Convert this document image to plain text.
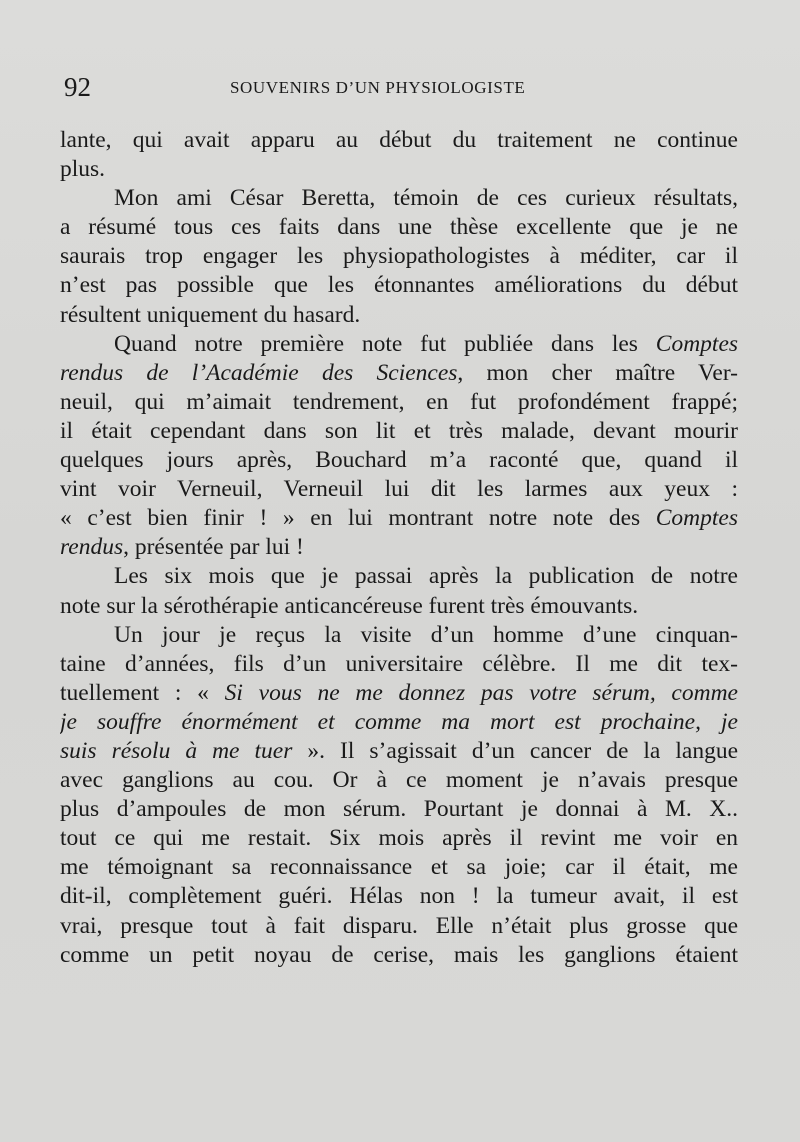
92	SOUVENIRS D’UN PHYSIOLOGISTE
lante, qui avait apparu au début du traitement ne continue
plus.
Mon ami César Beretta, témoin de ces curieux résultats,
a résumé tous ces faits dans une thèse excellente que je ne
saurais trop engager les physiopathologistes à méditer, car il
n’est pas possible que les étonnantes améliorations du début
résultent uniquement du hasard.
Quand notre première note fut publiée dans les Comptes
rendus de l’Académie des Sciences, mon cher maître Ver-
neuil, qui m’aimait tendrement, en fut profondément frappé;
il était cependant dans son lit et très malade, devant mourir
quelques jours après, Bouchard m’a raconté que, quand il
vint voir Verneuil, Verneuil lui dit les larmes aux yeux :
« c’est bien finir ! » en lui montrant notre note des Comptes
rendus, présentée par lui !
Les six mois que je passai après la publication de notre
note sur la sérothérapie anticancéreuse furent très émouvants.
Un jour je reçus la visite d’un homme d’une cinquan-
taine d’années, fils d’un universitaire célèbre. Il me dit tex-
tuellement : « Si vous ne me donnez pas votre sérum, comme
je souffre énormément et comme ma mort est prochaine, je
suis résolu à me tuer ». Il s’agissait d’un cancer de la langue
avec ganglions au cou. Or à ce moment je n’avais presque
plus d’ampoules de mon sérum. Pourtant je donnai à M. X..
tout ce qui me restait. Six mois après il revint me voir en
me témoignant sa reconnaissance et sa joie; car il était, me
dit-il, complètement guéri. Hélas non ! la tumeur avait, il est
vrai, presque tout à fait disparu. Elle n’était plus grosse que
comme un petit noyau de cerise, mais les ganglions étaient
